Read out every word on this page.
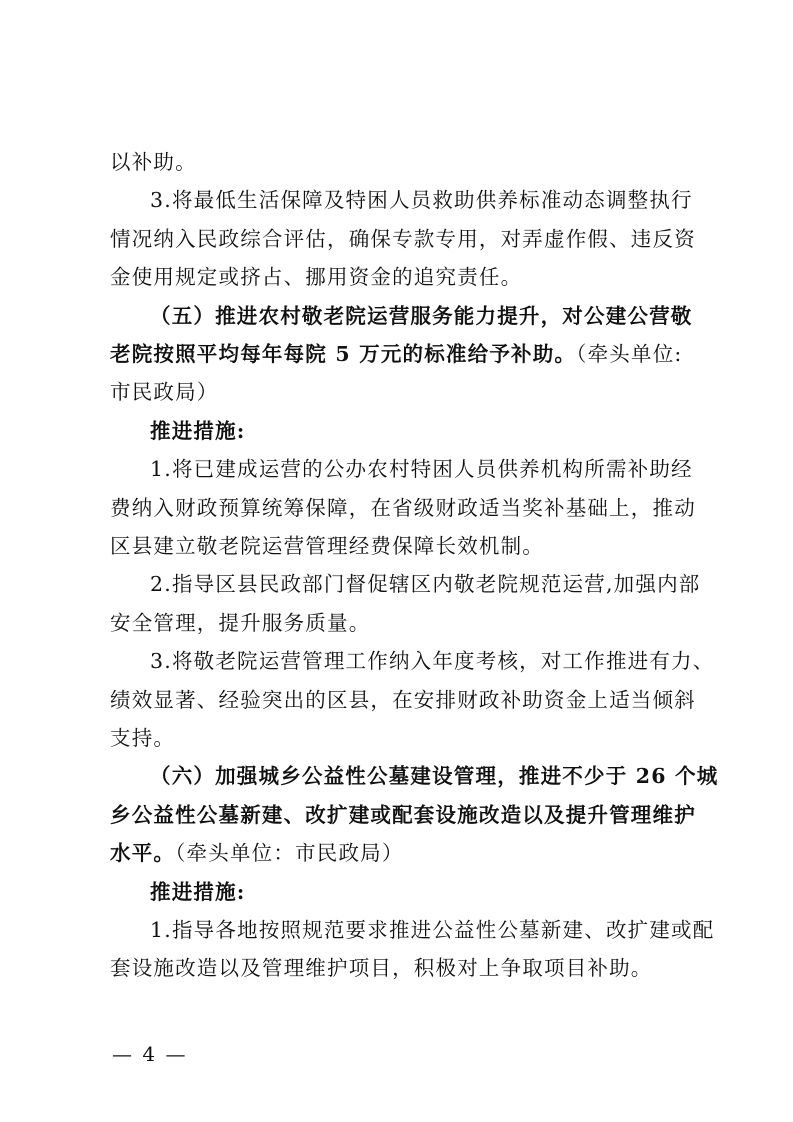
以补助。
3.将最低生活保障及特困人员救助供养标准动态调整执行
情况纳入民政综合评估，确保专款专用，对弄虚作假、违反资
金使用规定或挤占、挪用资金的追究责任。
（五）推进农村敬老院运营服务能力提升，对公建公营敬
老院按照平均每年每院 5 万元的标准给予补助。（牵头单位:
市民政局）
推进措施:
1.将已建成运营的公办农村特困人员供养机构所需补助经
费纳入财政预算统筹保障，在省级财政适当奖补基础上，推动
区县建立敬老院运营管理经费保障长效机制。
2.指导区县民政部门督促辖区内敬老院规范运营,加强内部
安全管理，提升服务质量。
3.将敬老院运营管理工作纳入年度考核，对工作推进有力、
绩效显著、经验突出的区县，在安排财政补助资金上适当倾斜
支持。
（六）加强城乡公益性公墓建设管理，推进不少于 26 个城
乡公益性公墓新建、改扩建或配套设施改造以及提升管理维护
水平。（牵头单位：市民政局）
推进措施:
1.指导各地按照规范要求推进公益性公墓新建、改扩建或配
套设施改造以及管理维护项目，积极对上争取项目补助。
— 4 —
